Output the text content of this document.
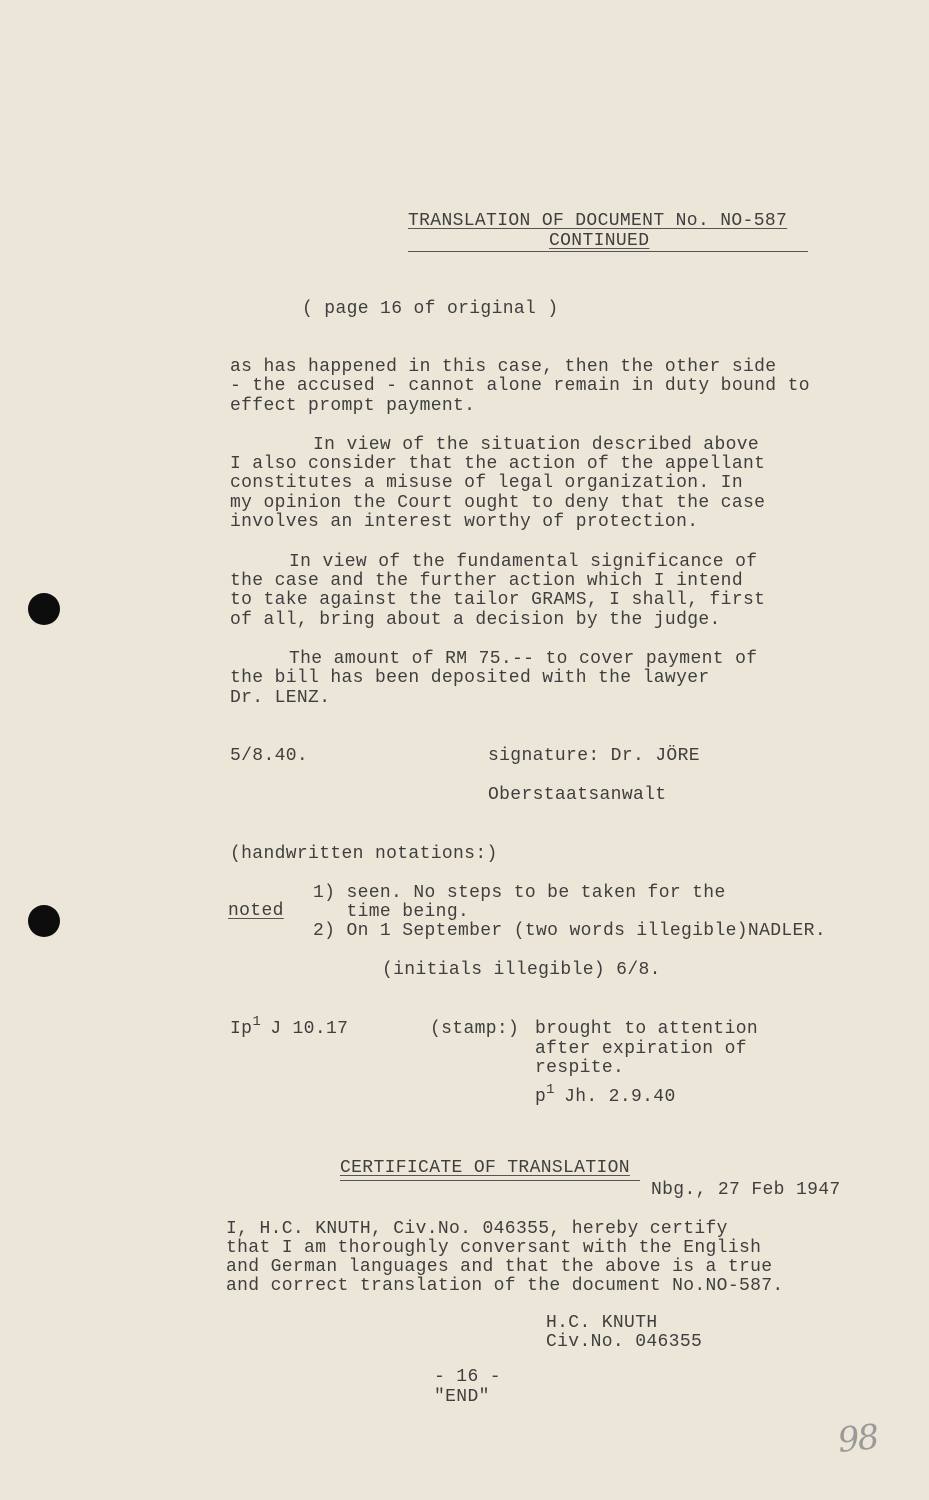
TRANSLATION OF DOCUMENT No. NO-587
CONTINUED
( page 16 of original )
as has happened in this case, then the other side
- the accused - cannot alone remain in duty bound to
effect prompt payment.
In view of the situation described above
I also consider that the action of the appellant
constitutes a misuse of legal organization. In
my opinion the Court ought to deny that the case
involves an interest worthy of protection.
In view of the fundamental significance of
the case and the further action which I intend
to take against the tailor GRAMS, I shall, first
of all, bring about a decision by the judge.
The amount of RM 75.-- to cover payment of
the bill has been deposited with the lawyer
Dr. LENZ.
5/8.40.	signature: Dr. JÖRE
Oberstaatsanwalt
(handwritten notations:)
1) seen. No steps to be taken for the
noted time being.
2) On 1 September (two words illegible)NADLER.
(initials illegible) 6/8.
Ip$^1$ J 10.17	(stamp:) brought to attention
after expiration of
respite.
$p^1$ Jh. 2.9.40
CERTIFICATE OF TRANSLATION
Nbg., 27 Feb 1947
I, H.C. KNUTH, Civ.No. 046355, hereby certify
that I am thoroughly conversant with the English
and German languages and that the above is a true
and correct translation of the document No.NO-587.
H.C. KNUTH
Civ.No. 046355
- 16 -
"END"
98
